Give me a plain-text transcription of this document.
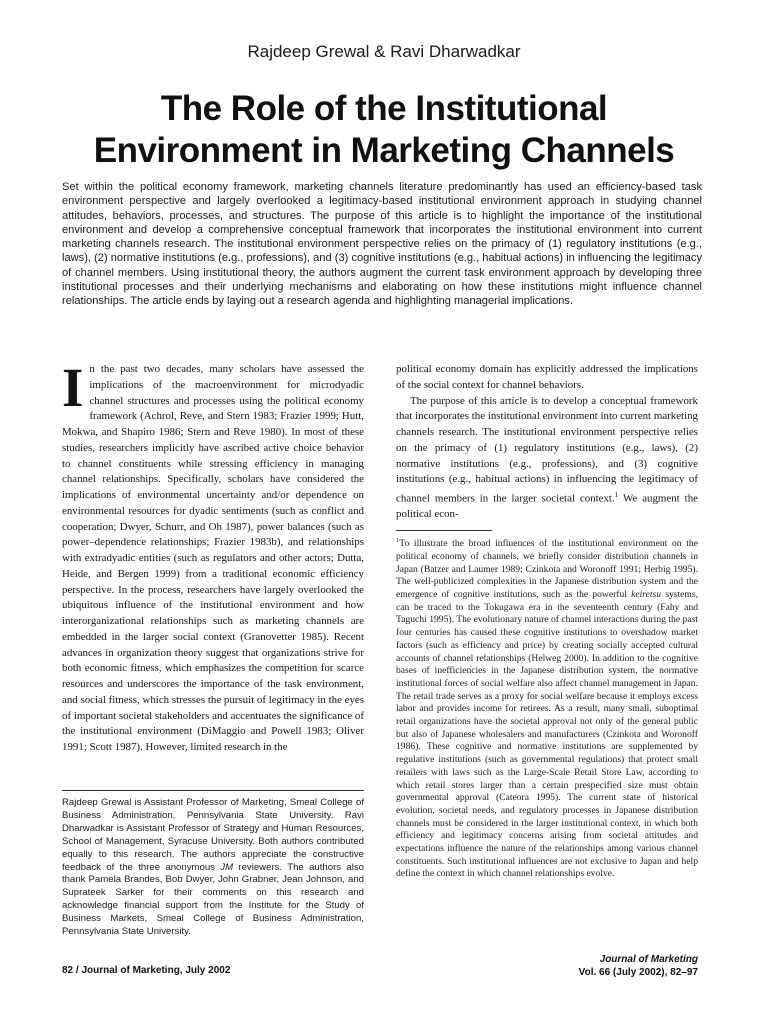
Rajdeep Grewal & Ravi Dharwadkar
The Role of the Institutional
Environment in Marketing Channels
Set within the political economy framework, marketing channels literature predominantly has used an efficiency-based task environment perspective and largely overlooked a legitimacy-based institutional environment approach in studying channel attitudes, behaviors, processes, and structures. The purpose of this article is to highlight the importance of the institutional environment and develop a comprehensive conceptual framework that incorporates the institutional environment into current marketing channels research. The institutional environment perspective relies on the primacy of (1) regulatory institutions (e.g., laws), (2) normative institutions (e.g., professions), and (3) cognitive institutions (e.g., habitual actions) in influencing the legitimacy of channel members. Using institutional theory, the authors augment the current task environment approach by developing three institutional processes and their underlying mechanisms and elaborating on how these institutions might influence channel relationships. The article ends by laying out a research agenda and highlighting managerial implications.

In the past two decades, many scholars have assessed the implications of the macroenvironment for microdyadic channel structures and processes using the political economy framework (Achrol, Reve, and Stern 1983; Frazier 1999; Hutt, Mokwa, and Shapiro 1986; Stern and Reve 1980). In most of these studies, researchers implicitly have ascribed active choice behavior to channel constituents while stressing efficiency in managing channel relationships. Specifically, scholars have considered the implications of environmental uncertainty and/or dependence on environmental resources for dyadic sentiments (such as conflict and cooperation; Dwyer, Schurr, and Oh 1987), power balances (such as power–dependence relationships; Frazier 1983b), and relationships with extradyadic entities (such as regulators and other actors; Dutta, Heide, and Bergen 1999) from a traditional economic efficiency perspective. In the process, researchers have largely overlooked the ubiquitous influence of the institutional environment and how interorganizational relationships such as marketing channels are embedded in the larger social context (Granovetter 1985). Recent advances in organization theory suggest that organizations strive for both economic fitness, which emphasizes the competition for scarce resources and underscores the importance of the task environment, and social fitness, which stresses the pursuit of legitimacy in the eyes of important societal stakeholders and accentuates the significance of the institutional environment (DiMaggio and Powell 1983; Oliver 1991; Scott 1987). However, limited research in the

political economy domain has explicitly addressed the implications of the social context for channel behaviors.

The purpose of this article is to develop a conceptual framework that incorporates the institutional environment into current marketing channels research. The institutional environment perspective relies on the primacy of (1) regulatory institutions (e.g., laws), (2) normative institutions (e.g., professions), and (3) cognitive institutions (e.g., habitual actions) in influencing the legitimacy of channel members in the larger societal context.$^1$ We augment the political econ-

$^1$To illustrate the broad influences of the institutional environment on the political economy of channels, we briefly consider distribution channels in Japan (Batzer and Laumer 1989; Czinkota and Woronoff 1991; Herbig 1995). The well-publicized complexities in the Japanese distribution system and the emergence of cognitive institutions, such as the powerful keiretsu systems, can be traced to the Tokugawa era in the seventeenth century (Fahy and Taguchi 1995). The evolutionary nature of channel interactions during the past four centuries has caused these cognitive institutions to overshadow market factors (such as efficiency and price) by creating socially accepted cultural accounts of channel relationships (Helweg 2000). In addition to the cognitive bases of inefficiencies in the Japanese distribution system, the normative institutional forces of social welfare also affect channel management in Japan. The retail trade serves as a proxy for social welfare because it employs excess labor and provides income for retirees. As a result, many small, suboptimal retail organizations have the societal approval not only of the general public but also of Japanese wholesalers and manufacturers (Czinkota and Woronoff 1986). These cognitive and normative institutions are supplemented by regulative institutions (such as governmental regulations) that protect small retailers with laws such as the Large-Scale Retail Store Law, according to which retail stores larger than a certain prespecified size must obtain governmental approval (Cateora 1995). The current state of historical evolution, societal needs, and regulatory processes in Japanese distribution channels must be considered in the larger institutional context, in which both efficiency and legitimacy concerns arising from societal attitudes and expectations influence the nature of the relationships among various channel constituents. Such institutional influences are not exclusive to Japan and help define the context in which channel relationships evolve.
Rajdeep Grewal is Assistant Professor of Marketing, Smeal College of Business Administration, Pennsylvania State University. Ravi Dharwadkar is Assistant Professor of Strategy and Human Resources, School of Management, Syracuse University. Both authors contributed equally to this research. The authors appreciate the constructive feedback of the three anonymous JM reviewers. The authors also thank Pamela Brandes, Bob Dwyer, John Grabner, Jean Johnson, and Suprateek Sarker for their comments on this research and acknowledge financial support from the Institute for the Study of Business Markets, Smeal College of Business Administration, Pennsylvania State University.
82 / Journal of Marketing, July 2002
Journal of Marketing
Vol. 66 (July 2002), 82–97
